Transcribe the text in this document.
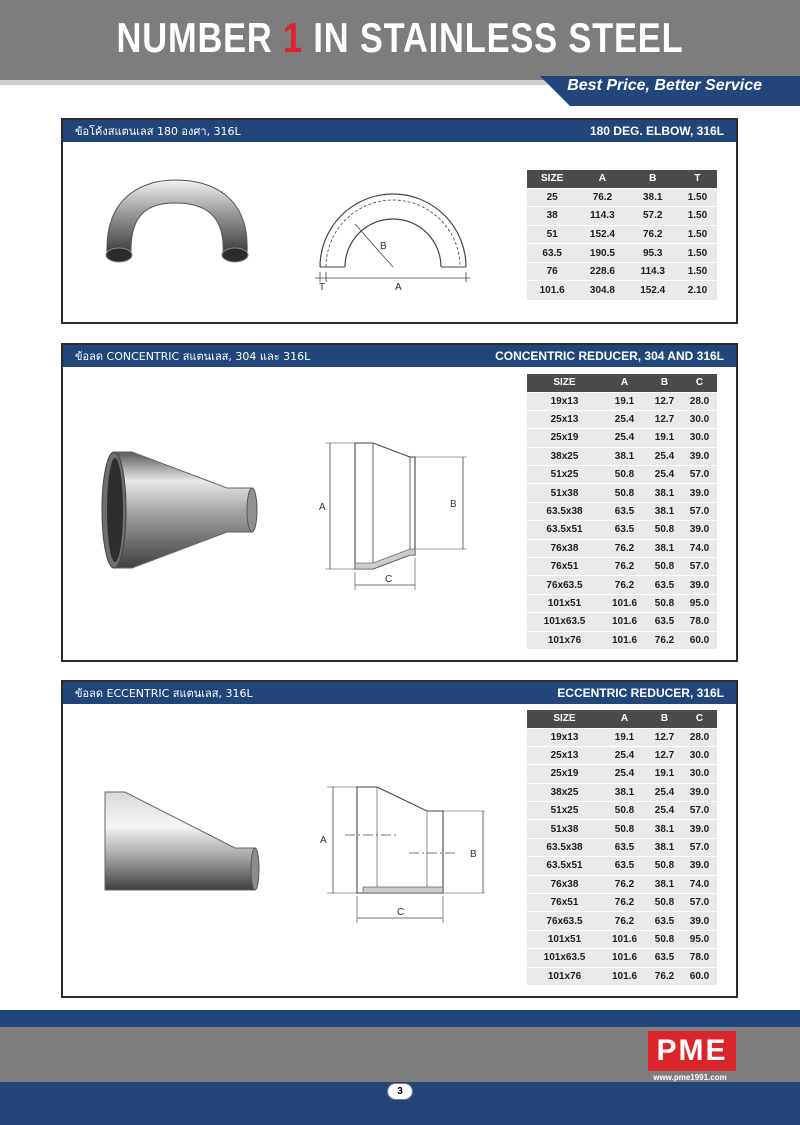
NUMBER 1 IN STAINLESS STEEL
Best Price, Better Service
ข้อโค้งสแตนเลส 180 องศา, 316L	180 DEG. ELBOW, 316L
B
A
T
SIZE	A	B	T
25	76.2	38.1	1.50
38	114.3	57.2	1.50
51	152.4	76.2	1.50
63.5	190.5	95.3	1.50
76	228.6	114.3	1.50
101.6	304.8	152.4	2.10
ข้อลด CONCENTRIC สแตนเลส, 304 และ 316L	CONCENTRIC REDUCER, 304 AND 316L
A	B
C
SIZE	A	B	C
19x13	19.1	12.7	28.0
25x13	25.4	12.7	30.0
25x19	25.4	19.1	30.0
38x25	38.1	25.4	39.0
51x25	50.8	25.4	57.0
51x38	50.8	38.1	39.0
63.5x38	63.5	38.1	57.0
63.5x51	63.5	50.8	39.0
76x38	76.2	38.1	74.0
76x51	76.2	50.8	57.0
76x63.5	76.2	63.5	39.0
101x51	101.6	50.8	95.0
101x63.5	101.6	63.5	78.0
101x76	101.6	76.2	60.0
ข้อลด ECCENTRIC สแตนเลส, 316L	ECCENTRIC REDUCER, 316L
A
B
C
SIZE	A	B	C
19x13	19.1	12.7	28.0
25x13	25.4	12.7	30.0
25x19	25.4	19.1	30.0
38x25	38.1	25.4	39.0
51x25	50.8	25.4	57.0
51x38	50.8	38.1	39.0
63.5x38	63.5	38.1	57.0
63.5x51	63.5	50.8	39.0
76x38	76.2	38.1	74.0
76x51	76.2	50.8	57.0
76x63.5	76.2	63.5	39.0
101x51	101.6	50.8	95.0
101x63.5	101.6	63.5	78.0
101x76	101.6	76.2	60.0
PME
www.pme1991.com
3
